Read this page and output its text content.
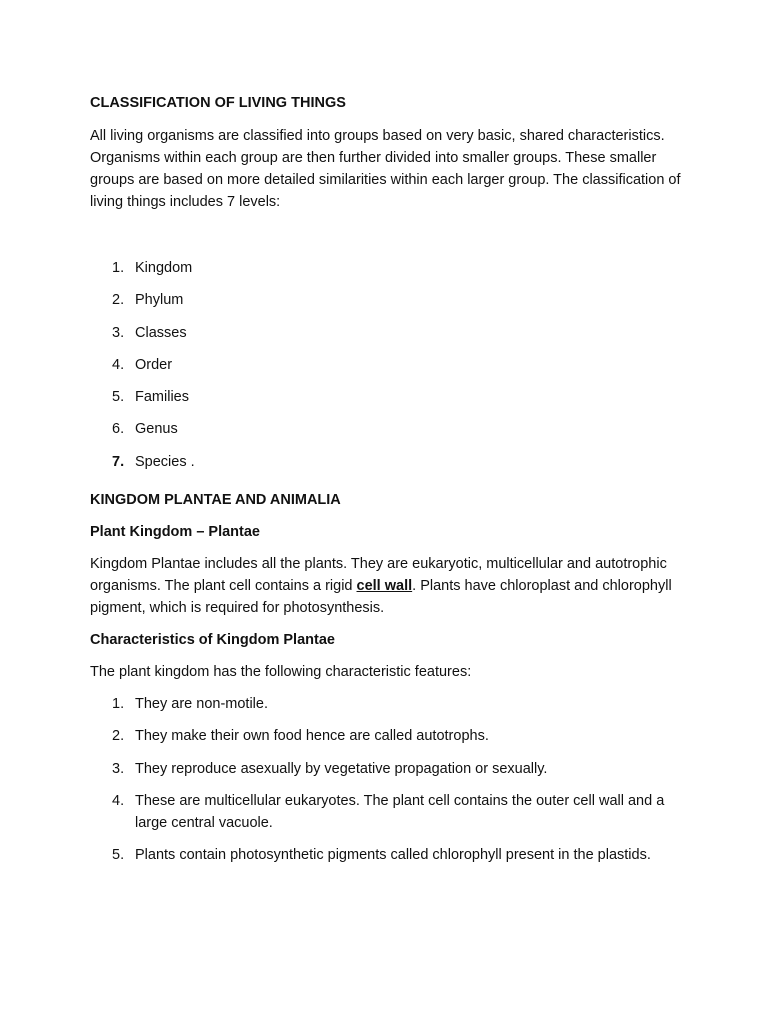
CLASSIFICATION OF LIVING THINGS

All living organisms are classified into groups based on very basic, shared characteristics. Organisms within each group are then further divided into smaller groups. These smaller groups are based on more detailed similarities within each larger group. The classification of living things includes 7 levels:

1. Kingdom
2. Phylum
3. Classes
4. Order
5. Families
6. Genus
7. Species .

KINGDOM PLANTAE AND ANIMALIA

Plant Kingdom – Plantae

Kingdom Plantae includes all the plants. They are eukaryotic, multicellular and autotrophic organisms. The plant cell contains a rigid cell wall. Plants have chloroplast and chlorophyll pigment, which is required for photosynthesis.

Characteristics of Kingdom Plantae

The plant kingdom has the following characteristic features:

1. They are non-motile.
2. They make their own food hence are called autotrophs.
3. They reproduce asexually by vegetative propagation or sexually.
4. These are multicellular eukaryotes. The plant cell contains the outer cell wall and a large central vacuole.
5. Plants contain photosynthetic pigments called chlorophyll present in the plastids.
